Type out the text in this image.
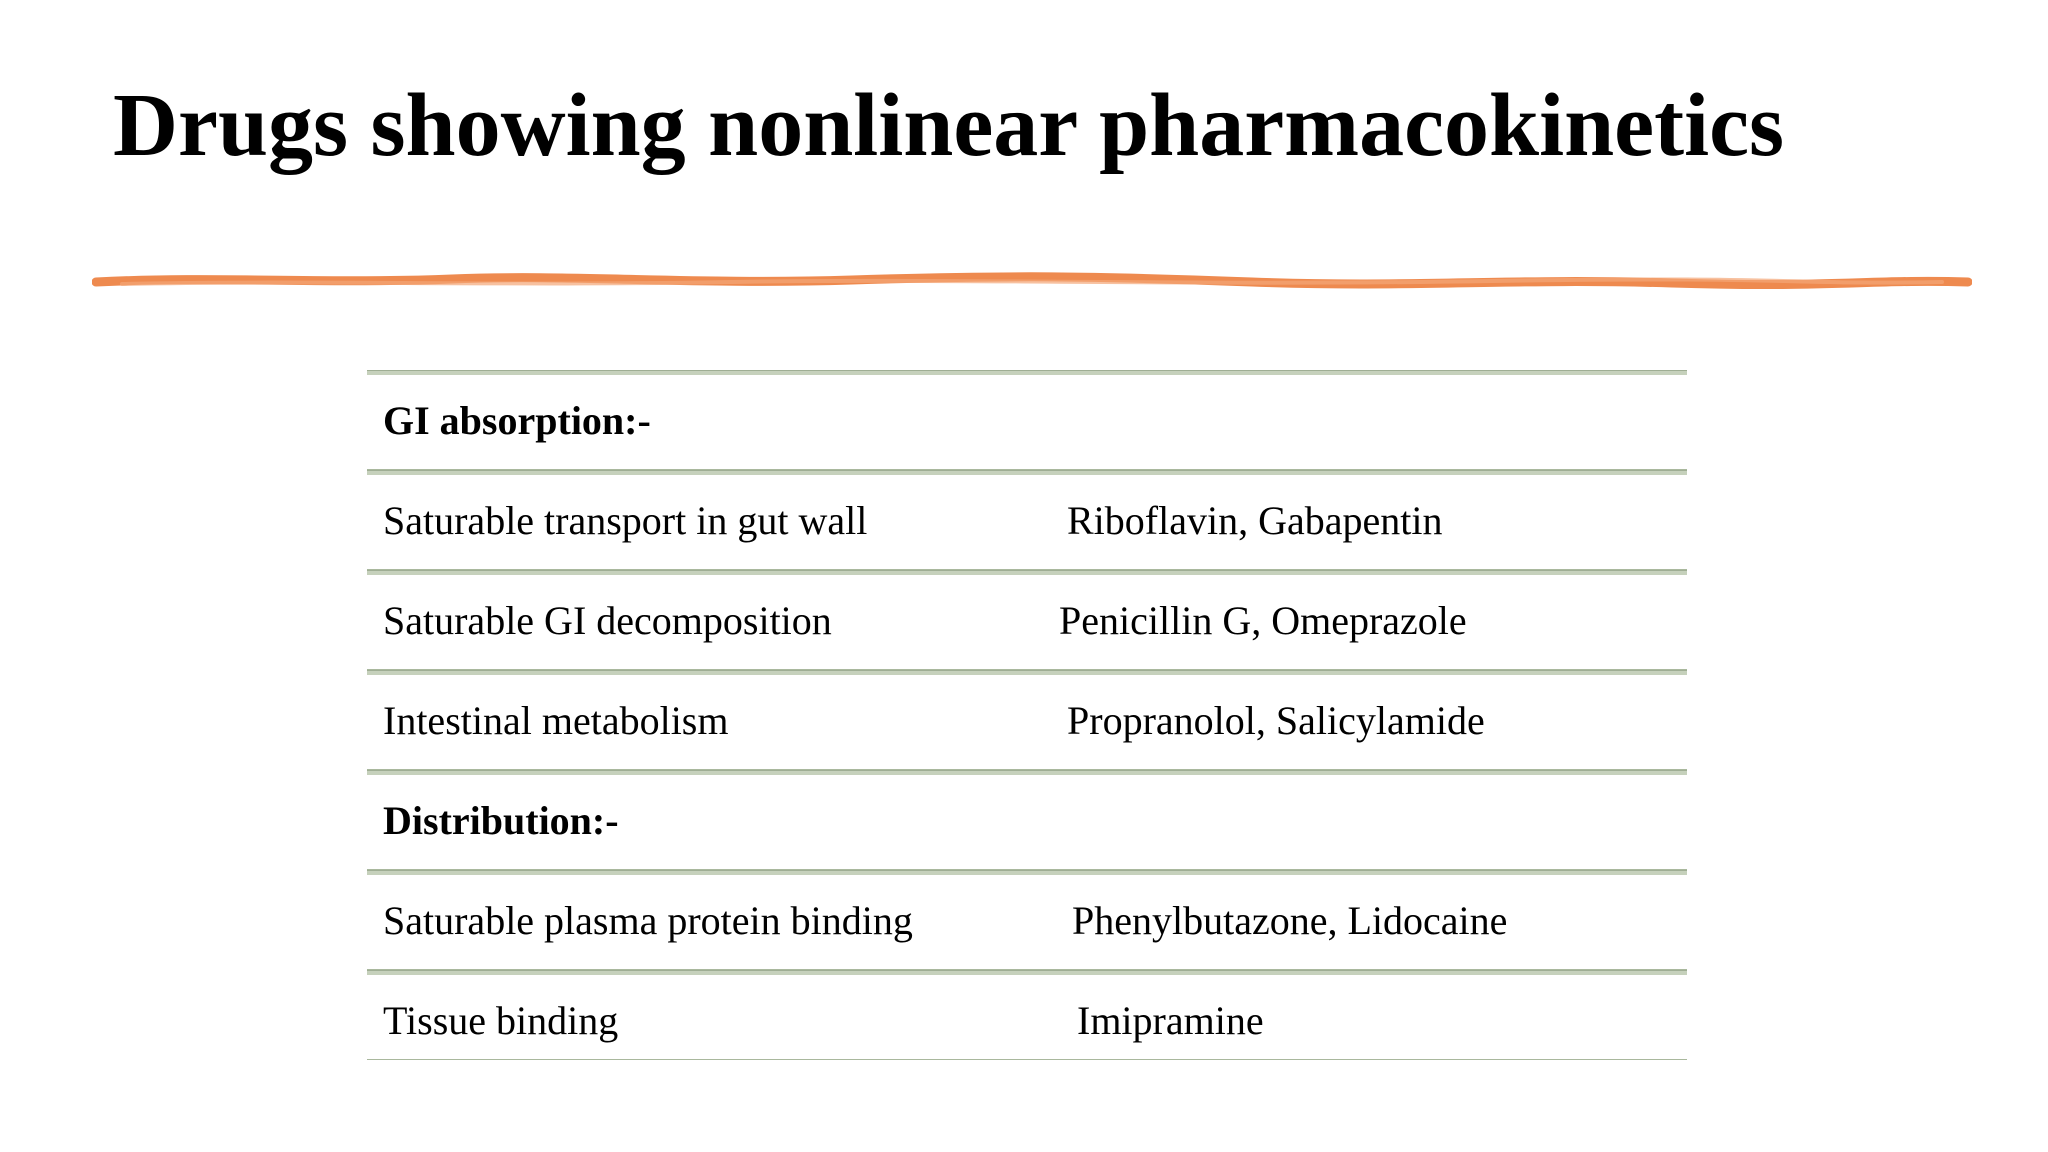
Drugs showing nonlinear pharmacokinetics
GI absorption:-
Saturable transport in gut wall	Riboflavin, Gabapentin
Saturable GI decomposition	Penicillin G, Omeprazole
Intestinal metabolism	Propranolol, Salicylamide
Distribution:-
Saturable plasma protein binding	Phenylbutazone, Lidocaine
Tissue binding	Imipramine
